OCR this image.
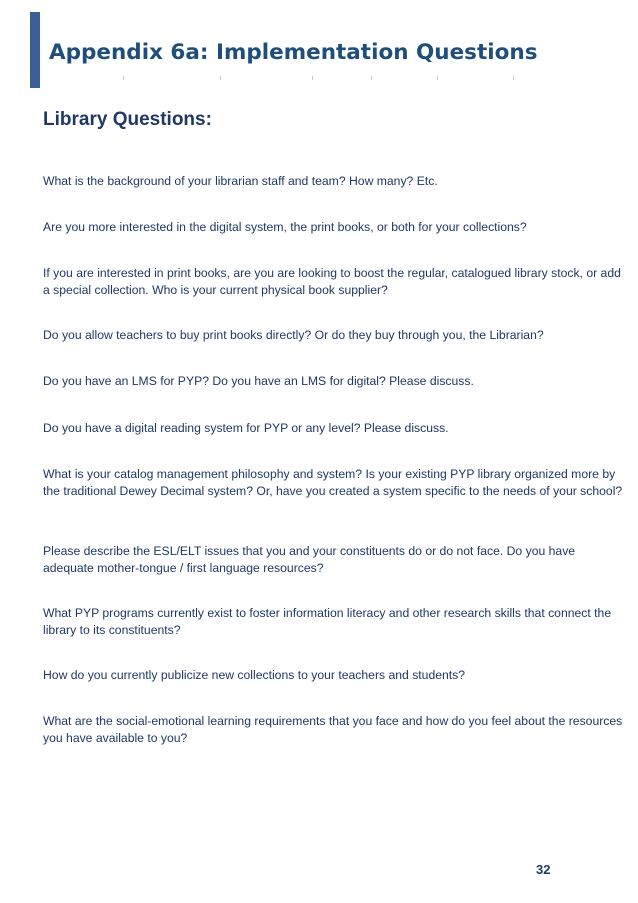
Appendix 6a: Implementation Questions
Library Questions:

What is the background of your librarian staff and team? How many? Etc.

Are you more interested in the digital system, the print books, or both for your collections?

If you are interested in print books, are you are looking to boost the regular, catalogued library stock, or add a special collection. Who is your current physical book supplier?

Do you allow teachers to buy print books directly? Or do they buy through you, the Librarian?

Do you have an LMS for PYP? Do you have an LMS for digital? Please discuss.

Do you have a digital reading system for PYP or any level? Please discuss.

What is your catalog management philosophy and system? Is your existing PYP library organized more by the traditional Dewey Decimal system? Or, have you created a system specific to the needs of your school?

Please describe the ESL/ELT issues that you and your constituents do or do not face. Do you have adequate mother-tongue / first language resources?

What PYP programs currently exist to foster information literacy and other research skills that connect the library to its constituents?

How do you currently publicize new collections to your teachers and students?

What are the social-emotional learning requirements that you face and how do you feel about the resources you have available to you?

32
